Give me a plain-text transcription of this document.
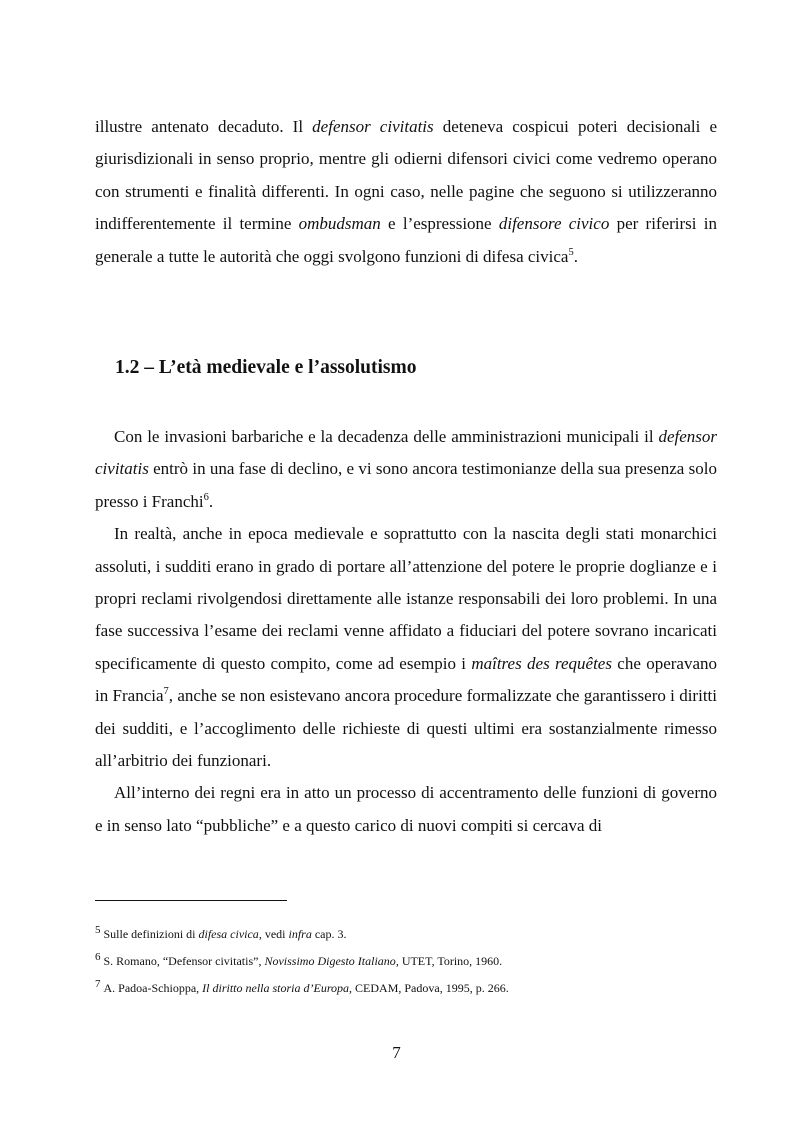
illustre antenato decaduto. Il defensor civitatis deteneva cospicui poteri decisionali e giurisdizionali in senso proprio, mentre gli odierni difensori civici come vedremo operano con strumenti e finalità differenti. In ogni caso, nelle pagine che seguono si utilizzeranno indifferentemente il termine ombudsman e l’espressione difensore civico per riferirsi in generale a tutte le autorità che oggi svolgono funzioni di difesa civica$^5$.

1.2 – L’età medievale e l’assolutismo

Con le invasioni barbariche e la decadenza delle amministrazioni municipali il defensor civitatis entrò in una fase di declino, e vi sono ancora testimonianze della sua presenza solo presso i Franchi$^6$.

In realtà, anche in epoca medievale e soprattutto con la nascita degli stati monarchici assoluti, i sudditi erano in grado di portare all’attenzione del potere le proprie doglianze e i propri reclami rivolgendosi direttamente alle istanze responsabili dei loro problemi. In una fase successiva l’esame dei reclami venne affidato a fiduciari del potere sovrano incaricati specificamente di questo compito, come ad esempio i maîtres des requêtes che operavano in Francia$^7$, anche se non esistevano ancora procedure formalizzate che garantissero i diritti dei sudditi, e l’accoglimento delle richieste di questi ultimi era sostanzialmente rimesso all’arbitrio dei funzionari.

All’interno dei regni era in atto un processo di accentramento delle funzioni di governo e in senso lato “pubbliche” e a questo carico di nuovi compiti si cercava di

5 Sulle definizioni di difesa civica, vedi infra cap. 3.

6 S. Romano, “Defensor civitatis”, Novissimo Digesto Italiano, UTET, Torino, 1960.

7 A. Padoa-Schioppa, Il diritto nella storia d’Europa, CEDAM, Padova, 1995, p. 266.

7
